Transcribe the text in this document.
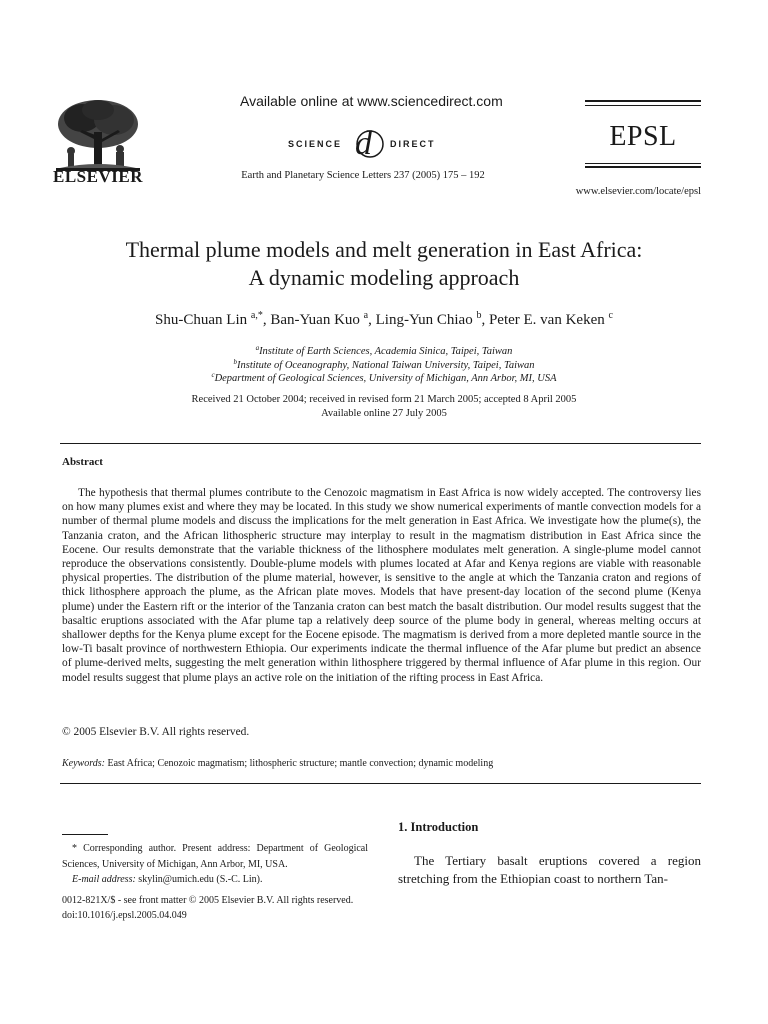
ELSEVIER
Available online at www.sciencedirect.com
SCIENCE d DIRECT
Earth and Planetary Science Letters 237 (2005) 175 – 192
EPSL
www.elsevier.com/locate/epsl
Thermal plume models and melt generation in East Africa:
A dynamic modeling approach
Shu-Chuan Lin $^{a,*}$, Ban-Yuan Kuo $^a$, Ling-Yun Chiao $^b$, Peter E. van Keken $^c$
$^a$Institute of Earth Sciences, Academia Sinica, Taipei, Taiwan
$^b$Institute of Oceanography, National Taiwan University, Taipei, Taiwan
$^c$Department of Geological Sciences, University of Michigan, Ann Arbor, MI, USA
Received 21 October 2004; received in revised form 21 March 2005; accepted 8 April 2005
Available online 27 July 2005
Abstract

The hypothesis that thermal plumes contribute to the Cenozoic magmatism in East Africa is now widely accepted. The controversy lies on how many plumes exist and where they may be located. In this study we show numerical experiments of mantle convection models for a number of thermal plume models and discuss the implications for the melt generation in East Africa. We investigate how the plume(s), the Tanzania craton, and the African lithospheric structure may interplay to result in the magmatism distribution in East Africa since the Eocene. Our results demonstrate that the variable thickness of the lithosphere modulates melt generation. A single-plume model cannot reproduce the observations consistently. Double-plume models with plumes located at Afar and Kenya regions are viable with reasonable physical properties. The distribution of the plume material, however, is sensitive to the angle at which the Tanzania craton and regions of thick lithosphere approach the plume, as the African plate moves. Models that have present-day location of the second plume (Kenya plume) under the Eastern rift or the interior of the Tanzania craton can best match the basalt distribution. Our model results suggest that the basaltic eruptions associated with the Afar plume tap a relatively deep source of the plume body in general, whereas melting occurs at shallower depths for the Kenya plume except for the Eocene episode. The magmatism is derived from a more depleted mantle source in the low-Ti basalt province of northwestern Ethiopia. Our experiments indicate the thermal influence of the Afar plume but predict an absence of plume-derived melts, suggesting the melt generation within lithosphere triggered by thermal influence of Afar plume in this region. Our model results suggest that plume plays an active role on the initiation of the rifting process in East Africa.

© 2005 Elsevier B.V. All rights reserved.
Keywords: East Africa; Cenozoic magmatism; lithospheric structure; mantle convection; dynamic modeling

* Corresponding author. Present address: Department of Geological Sciences, University of Michigan, Ann Arbor, MI, USA.

E-mail address: skylin@umich.edu (S.-C. Lin).

0012-821X/$ - see front matter © 2005 Elsevier B.V. All rights reserved.
doi:10.1016/j.epsl.2005.04.049
1. Introduction

The Tertiary basalt eruptions covered a region stretching from the Ethiopian coast to northern Tan-
